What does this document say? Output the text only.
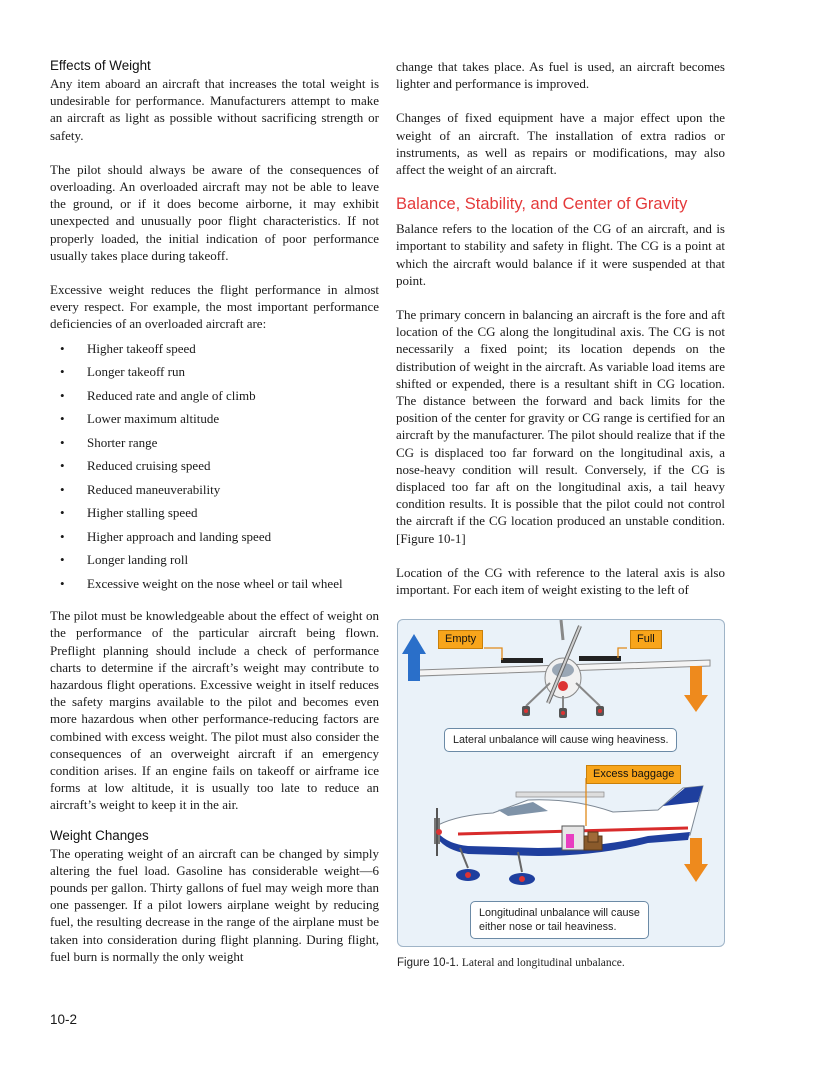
Effects of Weight

Any item aboard an aircraft that increases the total weight is undesirable for performance. Manufacturers attempt to make an aircraft as light as possible without sacrificing strength or safety.

The pilot should always be aware of the consequences of overloading. An overloaded aircraft may not be able to leave the ground, or if it does become airborne, it may exhibit unexpected and unusually poor flight characteristics. If not properly loaded, the initial indication of poor performance usually takes place during takeoff.

Excessive weight reduces the flight performance in almost every respect. For example, the most important performance deficiencies of an overloaded aircraft are:

• Higher takeoff speed
• Longer takeoff run
• Reduced rate and angle of climb
• Lower maximum altitude
• Shorter range
• Reduced cruising speed
• Reduced maneuverability
• Higher stalling speed
• Higher approach and landing speed
• Longer landing roll
• Excessive weight on the nose wheel or tail wheel

The pilot must be knowledgeable about the effect of weight on the performance of the particular aircraft being flown. Preflight planning should include a check of performance charts to determine if the aircraft’s weight may contribute to hazardous flight operations. Excessive weight in itself reduces the safety margins available to the pilot and becomes even more hazardous when other performance-reducing factors are combined with excess weight. The pilot must also consider the consequences of an overweight aircraft if an emergency condition arises. If an engine fails on takeoff or airframe ice forms at low altitude, it is usually too late to reduce an aircraft’s weight to keep it in the air.

Weight Changes

The operating weight of an aircraft can be changed by simply altering the fuel load. Gasoline has considerable weight—6 pounds per gallon. Thirty gallons of fuel may weigh more than one passenger. If a pilot lowers airplane weight by reducing fuel, the resulting decrease in the range of the airplane must be taken into consideration during flight planning. During flight, fuel burn is normally the only weight

change that takes place. As fuel is used, an aircraft becomes lighter and performance is improved.

Changes of fixed equipment have a major effect upon the weight of an aircraft. The installation of extra radios or instruments, as well as repairs or modifications, may also affect the weight of an aircraft.

Balance, Stability, and Center of Gravity

Balance refers to the location of the CG of an aircraft, and is important to stability and safety in flight. The CG is a point at which the aircraft would balance if it were suspended at that point.

The primary concern in balancing an aircraft is the fore and aft location of the CG along the longitudinal axis. The CG is not necessarily a fixed point; its location depends on the distribution of weight in the aircraft. As variable load items are shifted or expended, there is a resultant shift in CG location. The distance between the forward and back limits for the position of the center for gravity or CG range is certified for an aircraft by the manufacturer. The pilot should realize that if the CG is displaced too far forward on the longitudinal axis, a nose-heavy condition will result. Conversely, if the CG is displaced too far aft on the longitudinal axis, a tail heavy condition results. It is possible that the pilot could not control the aircraft if the CG location produced an unstable condition. [Figure 10-1]

Location of the CG with reference to the lateral axis is also important. For each item of weight existing to the left of

Empty	Full
Lateral unbalance will cause wing heaviness.
Excess baggage
Longitudinal unbalance will cause
either nose or tail heaviness.
Figure 10-1. Lateral and longitudinal unbalance.
10-2
